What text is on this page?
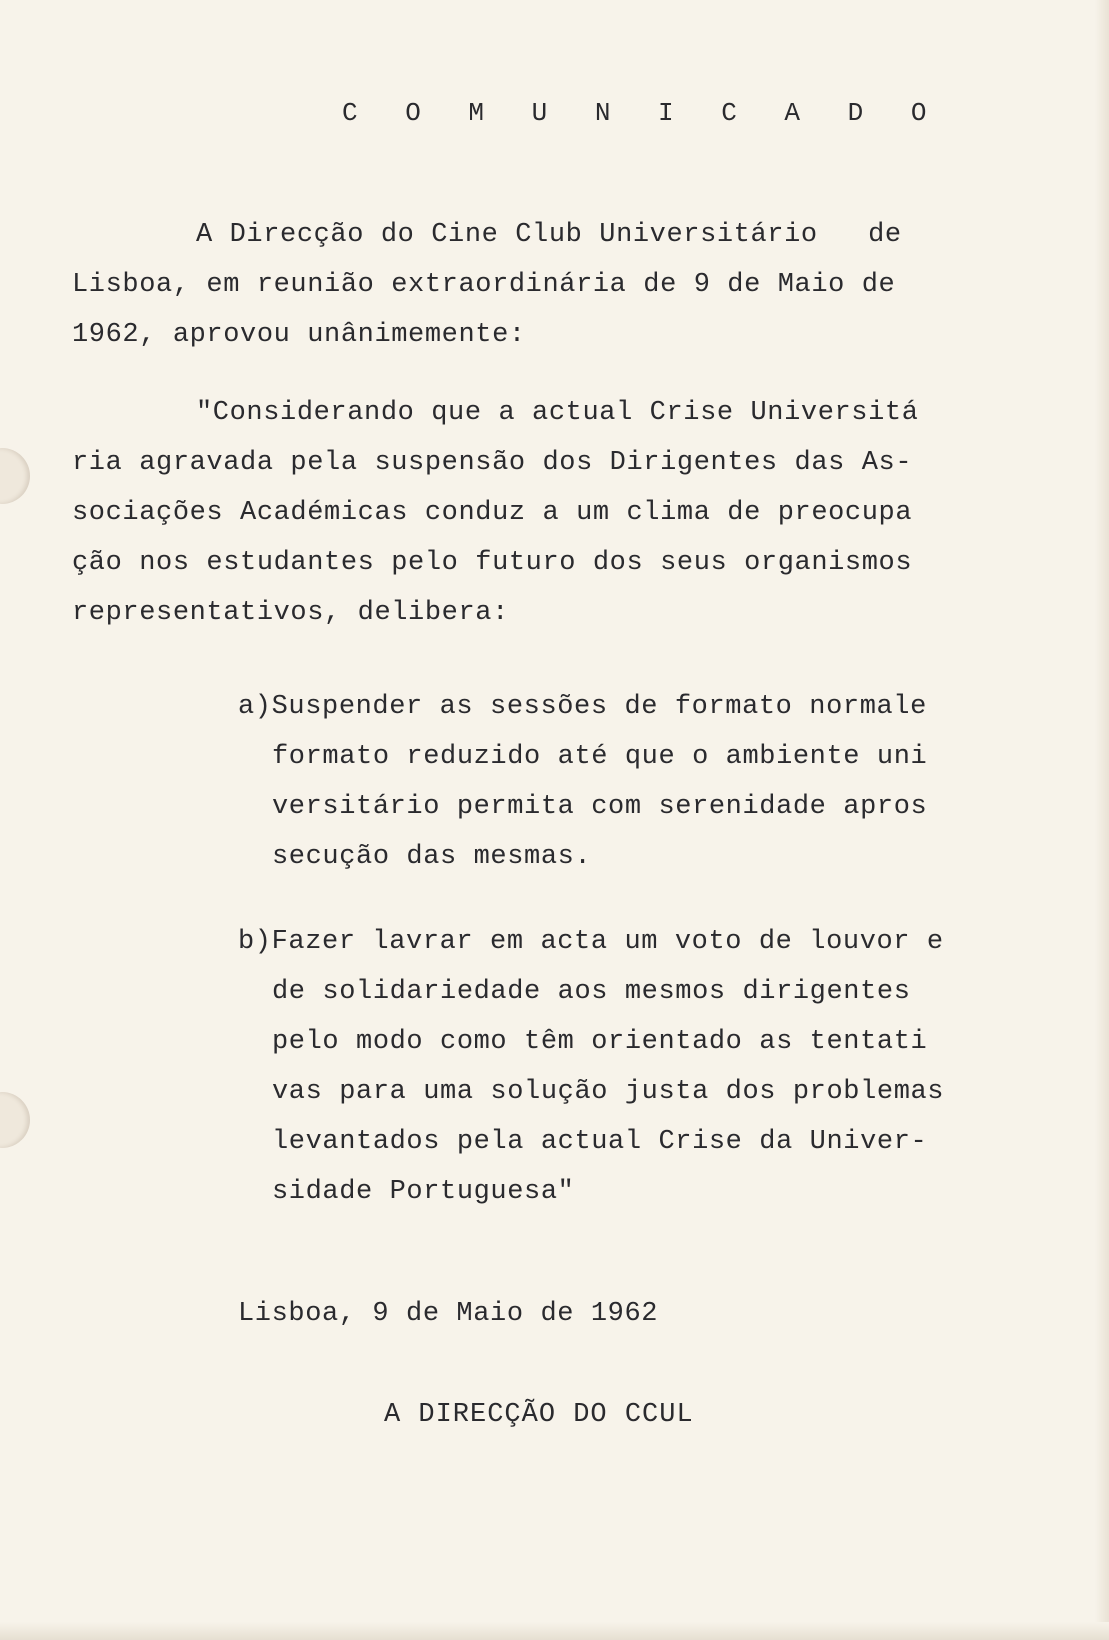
C O M U N I C A D O
A Direcção do Cine Club Universitário   de
Lisboa, em reunião extraordinária de 9 de Maio de
1962, aprovou unânimemente:
"Considerando que a actual Crise Universitá
ria agravada pela suspensão dos Dirigentes das As-
sociações Académicas conduz a um clima de preocupa
ção nos estudantes pelo futuro dos seus organismos
representativos, delibera:
a)Suspender as sessões de formato normale
formato reduzido até que o ambiente uni
versitário permita com serenidade apros
secução das mesmas.
b)Fazer lavrar em acta um voto de louvor e
de solidariedade aos mesmos dirigentes
pelo modo como têm orientado as tentati
vas para uma solução justa dos problemas
levantados pela actual Crise da Univer-
sidade Portuguesa"
Lisboa, 9 de Maio de 1962
A DIRECÇÃO DO CCUL
